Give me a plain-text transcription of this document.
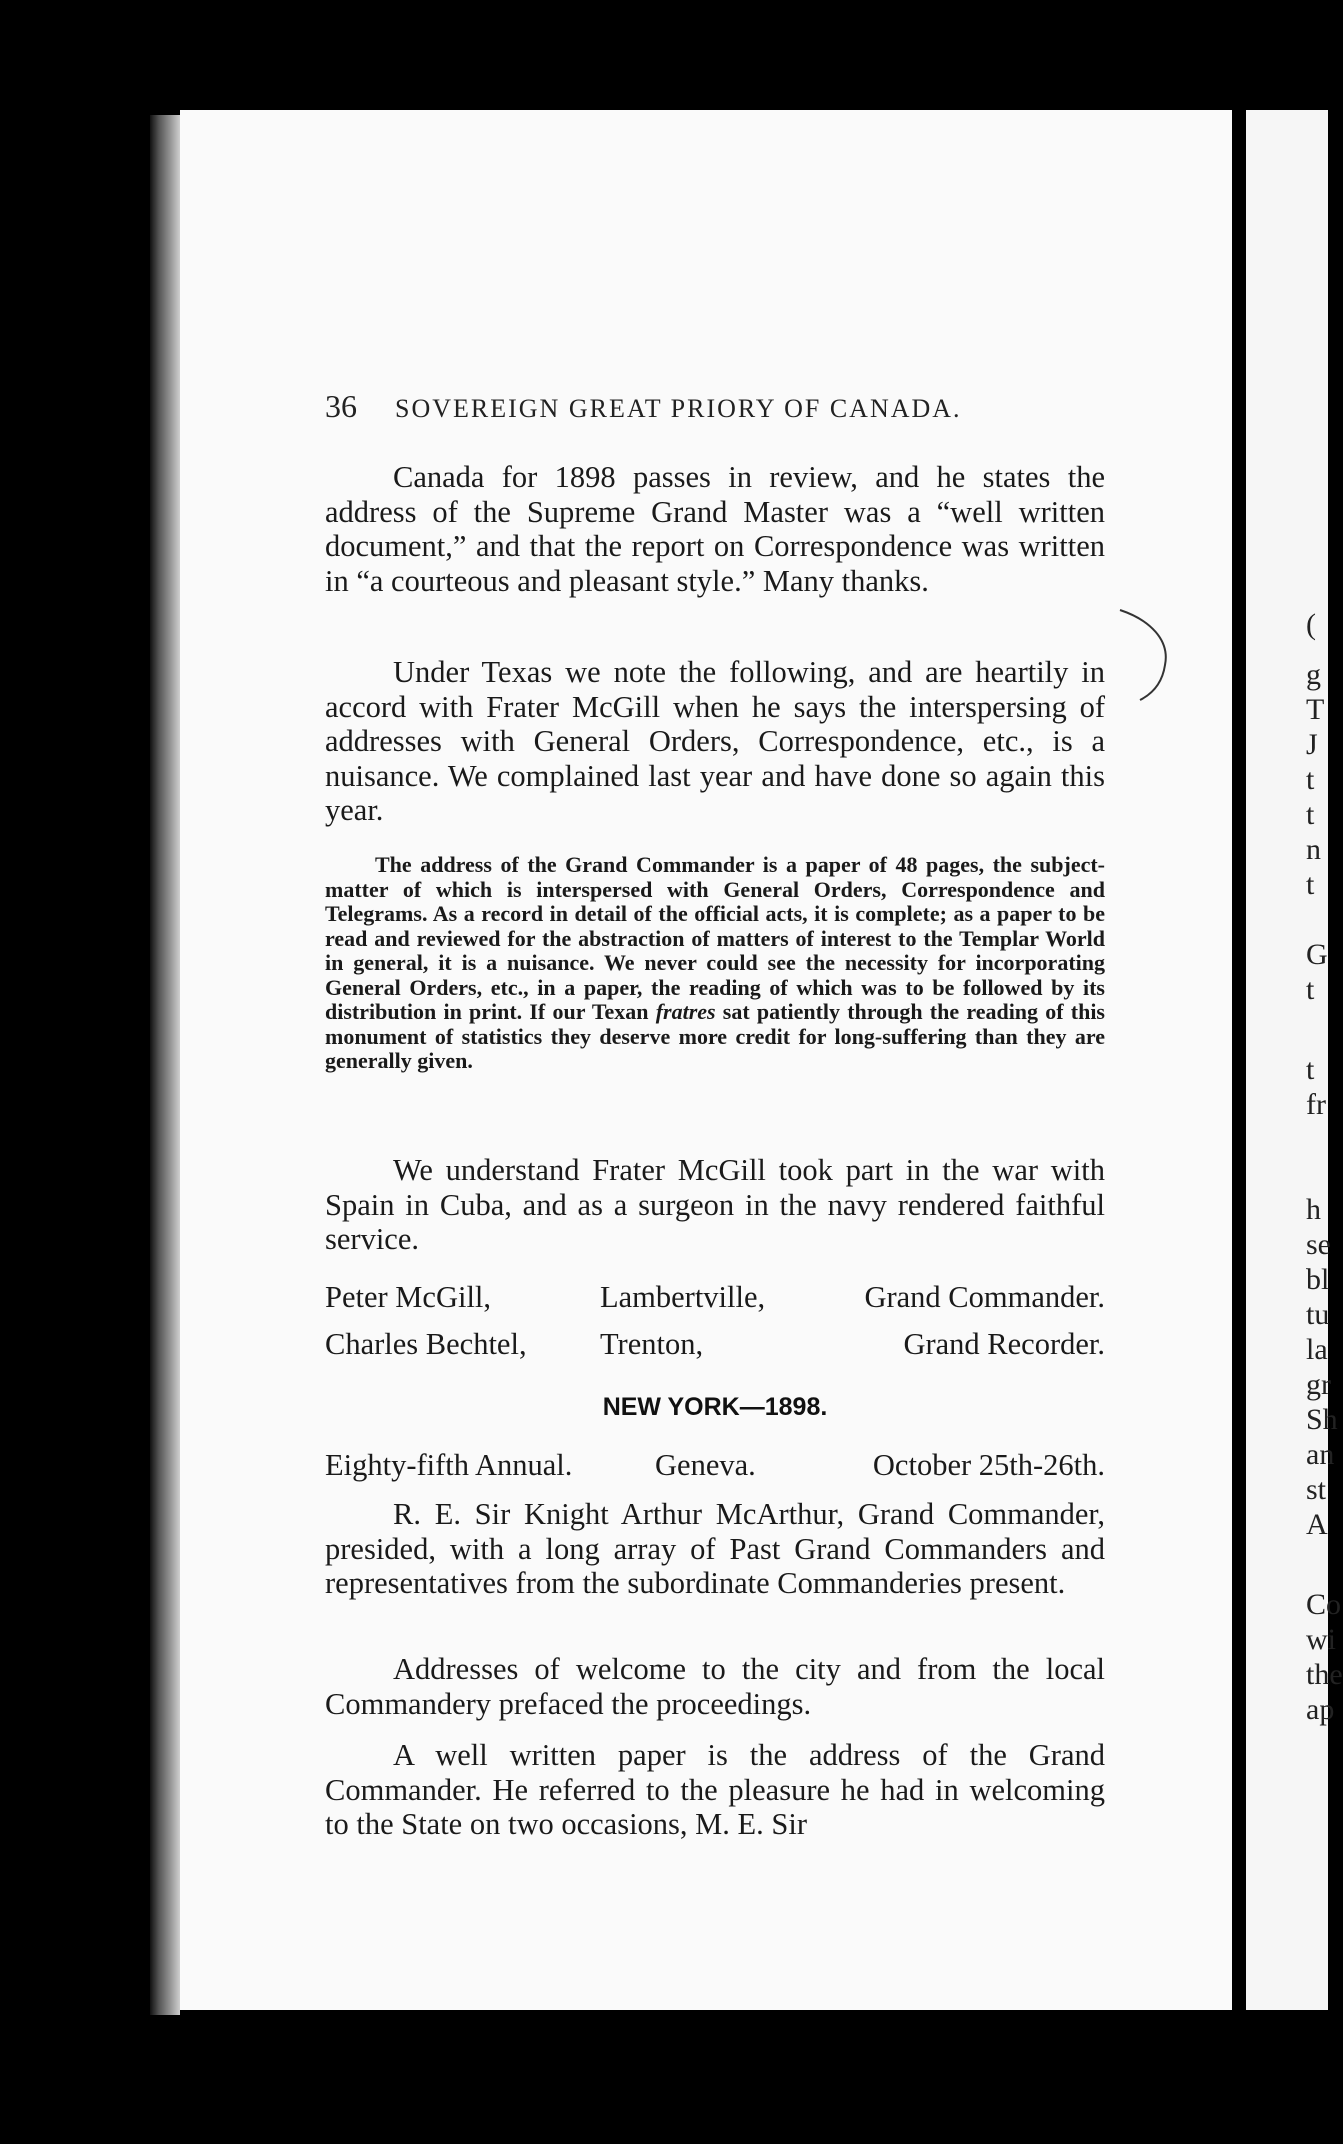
(
g
T
J
t
t
n
t
G
t
t
fr
h
se
bl
tu
la
gr
Sh
an
st
A
Co
wi
the
ap
36 SOVEREIGN GREAT PRIORY OF CANADA.

Canada for 1898 passes in review, and he states the address of the Supreme Grand Master was a “well written document,” and that the report on Correspondence was written in “a courteous and pleasant style.” Many thanks.

Under Texas we note the following, and are heartily in accord with Frater McGill when he says the interspersing of addresses with General Orders, Correspondence, etc., is a nuisance. We complained last year and have done so again this year.

The address of the Grand Commander is a paper of 48 pages, the subject-matter of which is interspersed with General Orders, Correspondence and Telegrams. As a record in detail of the official acts, it is complete; as a paper to be read and reviewed for the abstraction of matters of interest to the Templar World in general, it is a nuisance. We never could see the necessity for incorporating General Orders, etc., in a paper, the reading of which was to be followed by its distribution in print. If our Texan fratres sat patiently through the reading of this monument of statistics they deserve more credit for long-suffering than they are generally given.

We understand Frater McGill took part in the war with Spain in Cuba, and as a surgeon in the navy rendered faithful service.

Peter McGill,	Lambertville,	Grand Commander.
Charles Bechtel, Trenton,	Grand Recorder.
NEW YORK—1898.
Eighty-fifth Annual.	Geneva.	October 25th-26th.

R. E. Sir Knight Arthur McArthur, Grand Commander, presided, with a long array of Past Grand Commanders and representatives from the subordinate Commanderies present.

Addresses of welcome to the city and from the local Commandery prefaced the proceedings.

A well written paper is the address of the Grand Commander. He referred to the pleasure he had in welcoming to the State on two occasions, M. E. Sir
